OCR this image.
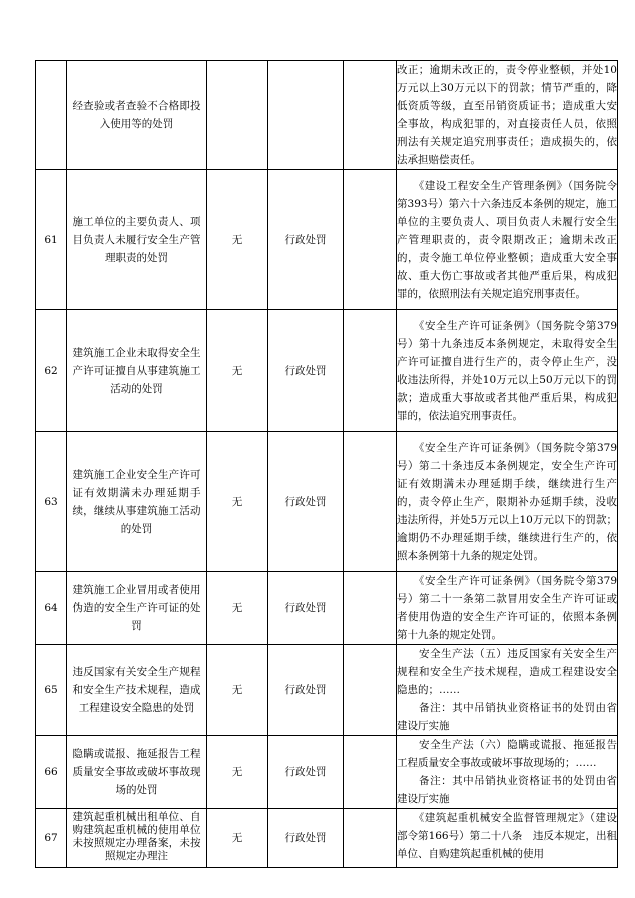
	经查验或者查验不合格即投入使用等的处罚				改正；逾期未改正的，责令停业整顿，并处10万元以上30万元以下的罚款；情节严重的，降低资质等级，直至吊销资质证书；造成重大安全事故，构成犯罪的，对直接责任人员，依照刑法有关规定追究刑事责任；造成损失的，依法承担赔偿责任。

61	施工单位的主要负责人、项目负责人未履行安全生产管理职责的处罚	无	行政处罚		　　《建设工程安全生产管理条例》（国务院令第393号）第六十六条违反本条例的规定，施工单位的主要负责人、项目负责人未履行安全生产管理职责的，责令限期改正；逾期未改正的，责令施工单位停业整顿；造成重大安全事故、重大伤亡事故或者其他严重后果，构成犯罪的，依照刑法有关规定追究刑事责任。

62	建筑施工企业未取得安全生产许可证擅自从事建筑施工活动的处罚	无	行政处罚		　　《安全生产许可证条例》（国务院令第379号）第十九条违反本条例规定，未取得安全生产许可证擅自进行生产的，责令停止生产，没收违法所得，并处10万元以上50万元以下的罚款；造成重大事故或者其他严重后果，构成犯罪的，依法追究刑事责任。

63	建筑施工企业安全生产许可证有效期满未办理延期手续，继续从事建筑施工活动的处罚	无	行政处罚		　　《安全生产许可证条例》（国务院令第379号）第二十条违反本条例规定，安全生产许可证有效期满未办理延期手续，继续进行生产的，责令停止生产，限期补办延期手续，没收违法所得，并处5万元以上10万元以下的罚款；逾期仍不办理延期手续，继续进行生产的，依照本条例第十九条的规定处罚。

64	建筑施工企业冒用或者使用伪造的安全生产许可证的处罚	无	行政处罚		　　《安全生产许可证条例》（国务院令第379号）第二十一条第二款冒用安全生产许可证或者使用伪造的安全生产许可证的，依照本条例第十九条的规定处罚。

65	违反国家有关安全生产规程和安全生产技术规程，造成工程建设安全隐患的处罚	无	行政处罚		　　安全生产法（五）违反国家有关安全生产规程和安全生产技术规程，造成工程建设安全隐患的；……
　　备注：其中吊销执业资格证书的处罚由省建设厅实施

66	隐瞒或谎报、拖延报告工程质量安全事故或破坏事故现场的处罚	无	行政处罚		　　安全生产法（六）隐瞒或谎报、拖延报告工程质量安全事故或破坏事故现场的；……
　　备注：其中吊销执业资格证书的处罚由省建设厅实施

67	建筑起重机械出租单位、自购建筑起重机械的使用单位未按照规定办理备案，未按照规定办理注	无	行政处罚		　　《建筑起重机械安全监督管理规定》（建设部令第166号）第二十八条　违反本规定，出租单位、自购建筑起重机械的使用
